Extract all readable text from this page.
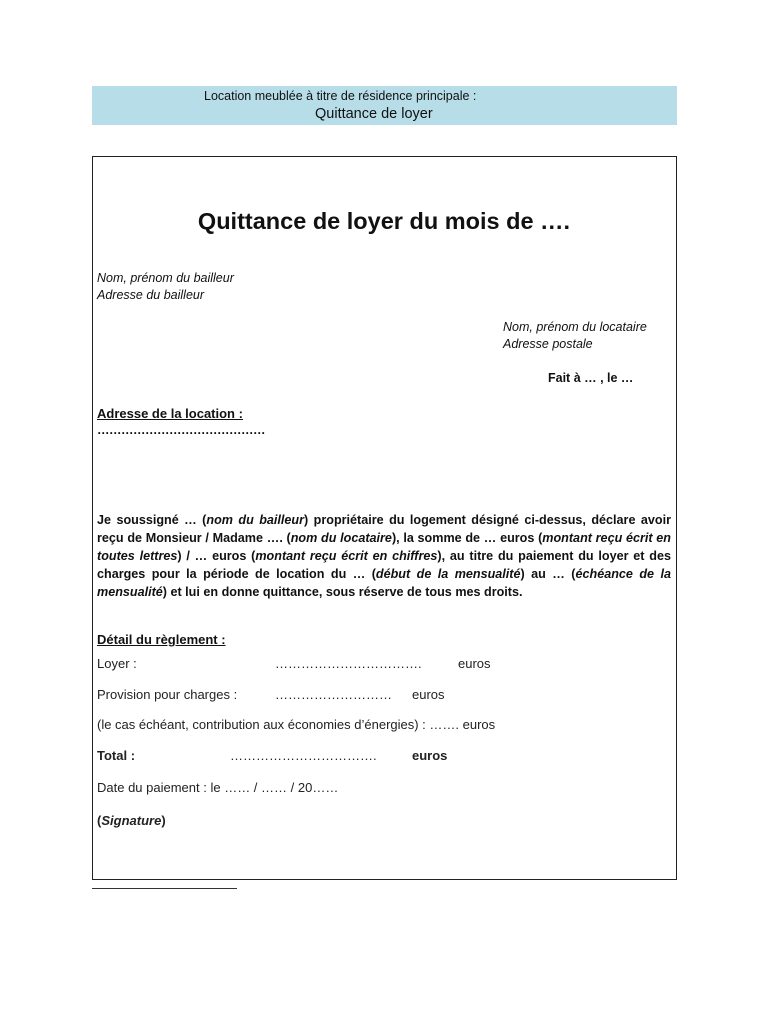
Location meublée à titre de résidence principale :
Quittance de loyer
Quittance de loyer du mois de ….
Nom, prénom du bailleur
Adresse du bailleur
Nom, prénom du locataire
Adresse postale
Fait à … , le …
Adresse de la location :
……………………………………
Je soussigné … (nom du bailleur) propriétaire du logement désigné ci-dessus, déclare avoir reçu de Monsieur / Madame …. (nom du locataire), la somme de … euros (montant reçu écrit en toutes lettres) / … euros (montant reçu écrit en chiffres), au titre du paiement du loyer et des charges pour la période de location du … (début de la mensualité) au … (échéance de la mensualité) et lui en donne quittance, sous réserve de tous mes droits.
Détail du règlement :
Loyer :	…………………………….	euros
Provision pour charges :	……………………… euros
(le cas échéant, contribution aux économies d’énergies) : ……. euros
Total :	…………………………….	euros
Date du paiement : le …… / …… / 20……
(Signature)
